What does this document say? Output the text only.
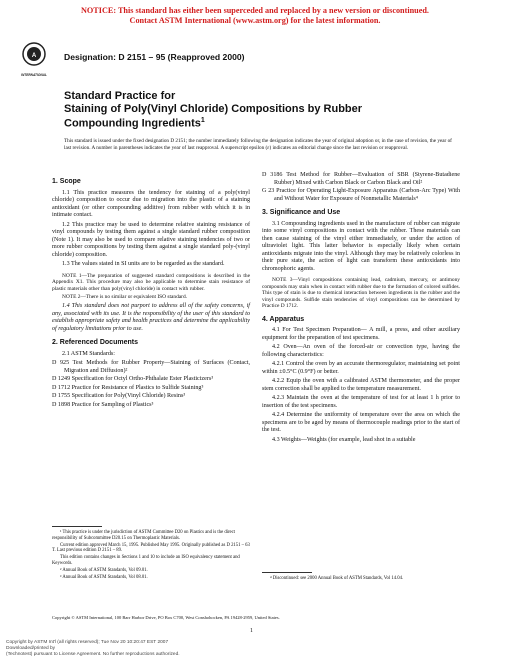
NOTICE: This standard has either been superceded and replaced by a new version or discontinued.
Contact ASTM International (www.astm.org) for the latest information.
A
INTERNATIONAL
Designation: D 2151 – 95 (Reapproved 2000)
Standard Practice for
Staining of Poly(Vinyl Chloride) Compositions by Rubber
Compounding Ingredients$^1$
This standard is issued under the fixed designation D 2151; the number immediately following the designation indicates the year of original adoption or, in the case of revision, the year of last revision. A number in parentheses indicates the year of last reapproval. A superscript epsilon (ε) indicates an editorial change since the last revision or reapproval.
1. Scope

1.1 This practice measures the tendency for staining of a poly(vinyl chloride) composition to occur due to migration into the plastic of a staining antioxidant (or other compounding additive) from rubber with which it is in intimate contact.

1.2 This practice may be used to determine relative staining resistance of vinyl compounds by testing them against a single standard rubber composition (Note 1). It may also be used to compare relative staining tendencies of two or more rubber compositions by testing them against a single standard poly-(vinyl chloride) composition.

1.3 The values stated in SI units are to be regarded as the standard.

NOTE 1—The preparation of suggested standard compositions is described in the Appendix X1. This procedure may also be applicable to determine stain resistance of plastic materials other than poly(vinyl chloride) in contact with rubber.

NOTE 2—There is no similar or equivalent ISO standard.

1.4 This standard does not purport to address all of the safety concerns, if any, associated with its use. It is the responsibility of the user of this standard to establish appropriate safety and health practices and determine the applicability of regulatory limitations prior to use.

2. Referenced Documents

2.1 ASTM Standards:

D 925 Test Methods for Rubber Property—Staining of Surfaces (Contact, Migration and Diffusion)²
D 1249 Specification for Octyl Ortho-Phthalate Ester Plasticizers³
D 1712 Practice for Resistance of Plastics to Sulfide Staining³
D 1755 Specification for Poly(Vinyl Chloride) Resins³
D 1898 Practice for Sampling of Plastics³
D 3186 Test Method for Rubber—Evaluation of SBR (Styrene-Butadiene Rubber) Mixed with Carbon Black or Carbon Black and Oil²
G 23 Practice for Operating Light-Exposure Apparatus (Carbon-Arc Type) With and Without Water for Exposure of Nonmetallic Materials⁴
3. Significance and Use

3.1 Compounding ingredients used in the manufacture of rubber can migrate into some vinyl compositions in contact with the rubber. These materials can then cause staining of the vinyl either immediately, or under the action of ultraviolet light. This latter behavior is especially likely when certain antioxidants migrate into the vinyl. Although they may be relatively colorless in their pure state, the action of light can transform these antioxidants into chromophoric agents.

NOTE 3—Vinyl compositions containing lead, cadmium, mercury, or antimony compounds may stain when in contact with rubber due to the formation of colored sulfides. This type of stain is due to chemical interaction between ingredients in the rubber and the vinyl compounds. Sulfide stain tendencies of vinyl compositions can be determined by Practice D 1712.

4. Apparatus

4.1 For Test Specimen Preparation— A mill, a press, and other auxiliary equipment for the preparation of test specimens.

4.2 Oven—An oven of the forced-air or convection type, having the following characteristics:

4.2.1 Control the oven by an accurate thermoregulator, maintaining set point within ±0.5°C (0.9°F) or better.

4.2.2 Equip the oven with a calibrated ASTM thermometer, and the proper stem correction shall be applied to the temperature measurement.

4.2.3 Maintain the oven at the temperature of test for at least 1 h prior to insertion of the test specimens.

4.2.4 Determine the uniformity of temperature over the area on which the specimens are to be aged by means of thermocouple readings prior to the start of the test.

4.3 Weights—Weights (for example, lead shot in a suitable

¹ This practice is under the jurisdiction of ASTM Committee D20 on Plastics and is the direct responsibility of Subcommittee D20.15 on Thermoplastic Materials.

Current edition approved March 15, 1995. Published May 1995. Originally published as D 2151 – 63 T. Last previous edition D 2151 – 89.

This edition contains changes in Sections 1 and 10 to include an ISO equivalency statement and Keywords.

² Annual Book of ASTM Standards, Vol 09.01.

³ Annual Book of ASTM Standards, Vol 08.01.	⁴ Discontinued: see 2000 Annual Book of ASTM Standards, Vol 14.04.

Copyright © ASTM International, 100 Barr Harbor Drive, PO Box C700, West Conshohocken, PA 19428-2959, United States.
1
Copyright by ASTM Int'l (all rights reserved); Tue Nov 20 10:20:47 EST 2007
Downloaded/printed by
(Technotest) pursuant to License Agreement. No further reproductions authorized.
